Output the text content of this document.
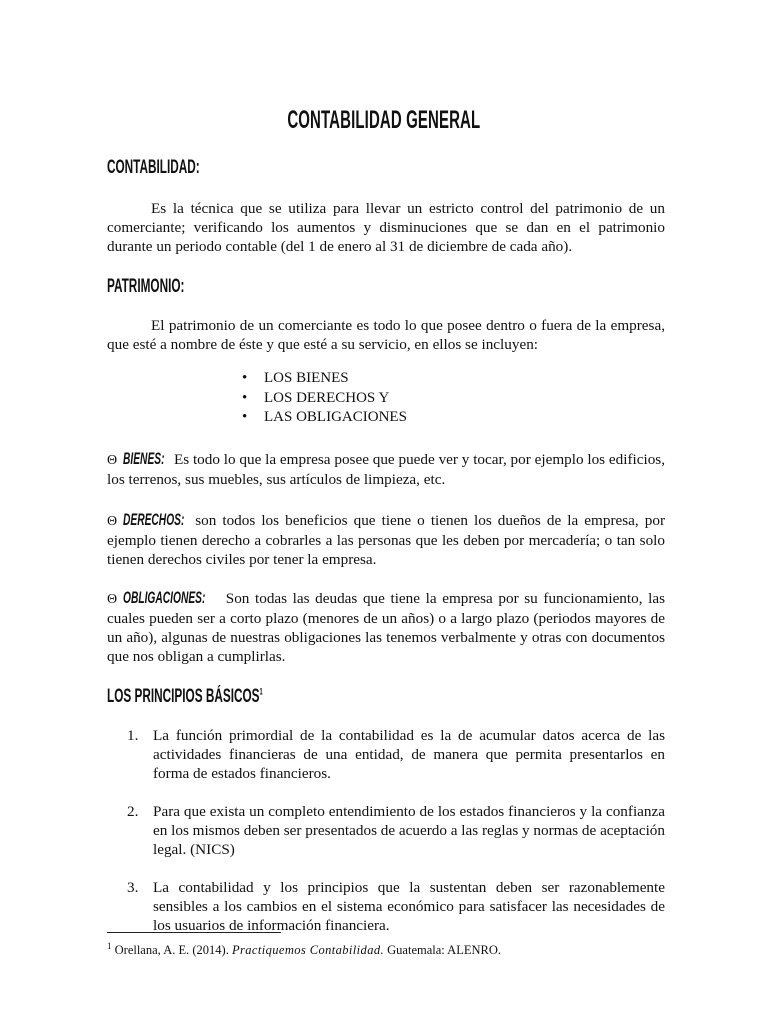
CONTABILIDAD GENERAL
CONTABILIDAD:
Es la técnica que se utiliza para llevar un estricto control del patrimonio de un comerciante; verificando los aumentos y disminuciones que se dan en el patrimonio durante un periodo contable (del 1 de enero al 31 de diciembre de cada año).
PATRIMONIO:
El patrimonio de un comerciante es todo lo que posee dentro o fuera de la empresa, que esté a nombre de éste y que esté a su servicio, en ellos se incluyen:
• LOS BIENES
• LOS DERECHOS Y
• LAS OBLIGACIONES
Θ BIENES: Es todo lo que la empresa posee que puede ver y tocar, por ejemplo los edificios, los terrenos, sus muebles, sus artículos de limpieza, etc.
Θ DERECHOS: son todos los beneficios que tiene o tienen los dueños de la empresa, por ejemplo tienen derecho a cobrarles a las personas que les deben por mercadería; o tan solo tienen derechos civiles por tener la empresa.
Θ OBLIGACIONES: Son todas las deudas que tiene la empresa por su funcionamiento, las cuales pueden ser a corto plazo (menores de un años) o a largo plazo (periodos mayores de un año), algunas de nuestras obligaciones las tenemos verbalmente y otras con documentos que nos obligan a cumplirlas.
LOS PRINCIPIOS BÁSICOS$^1$
1. La función primordial de la contabilidad es la de acumular datos acerca de las actividades financieras de una entidad, de manera que permita presentarlos en forma de estados financieros.
2. Para que exista un completo entendimiento de los estados financieros y la confianza en los mismos deben ser presentados de acuerdo a las reglas y normas de aceptación legal. (NICS)
3. La contabilidad y los principios que la sustentan deben ser razonablemente sensibles a los cambios en el sistema económico para satisfacer las necesidades de los usuarios de información financiera.
$^1$ Orellana, A. E. (2014). Practiquemos Contabilidad. Guatemala: ALENRO.
